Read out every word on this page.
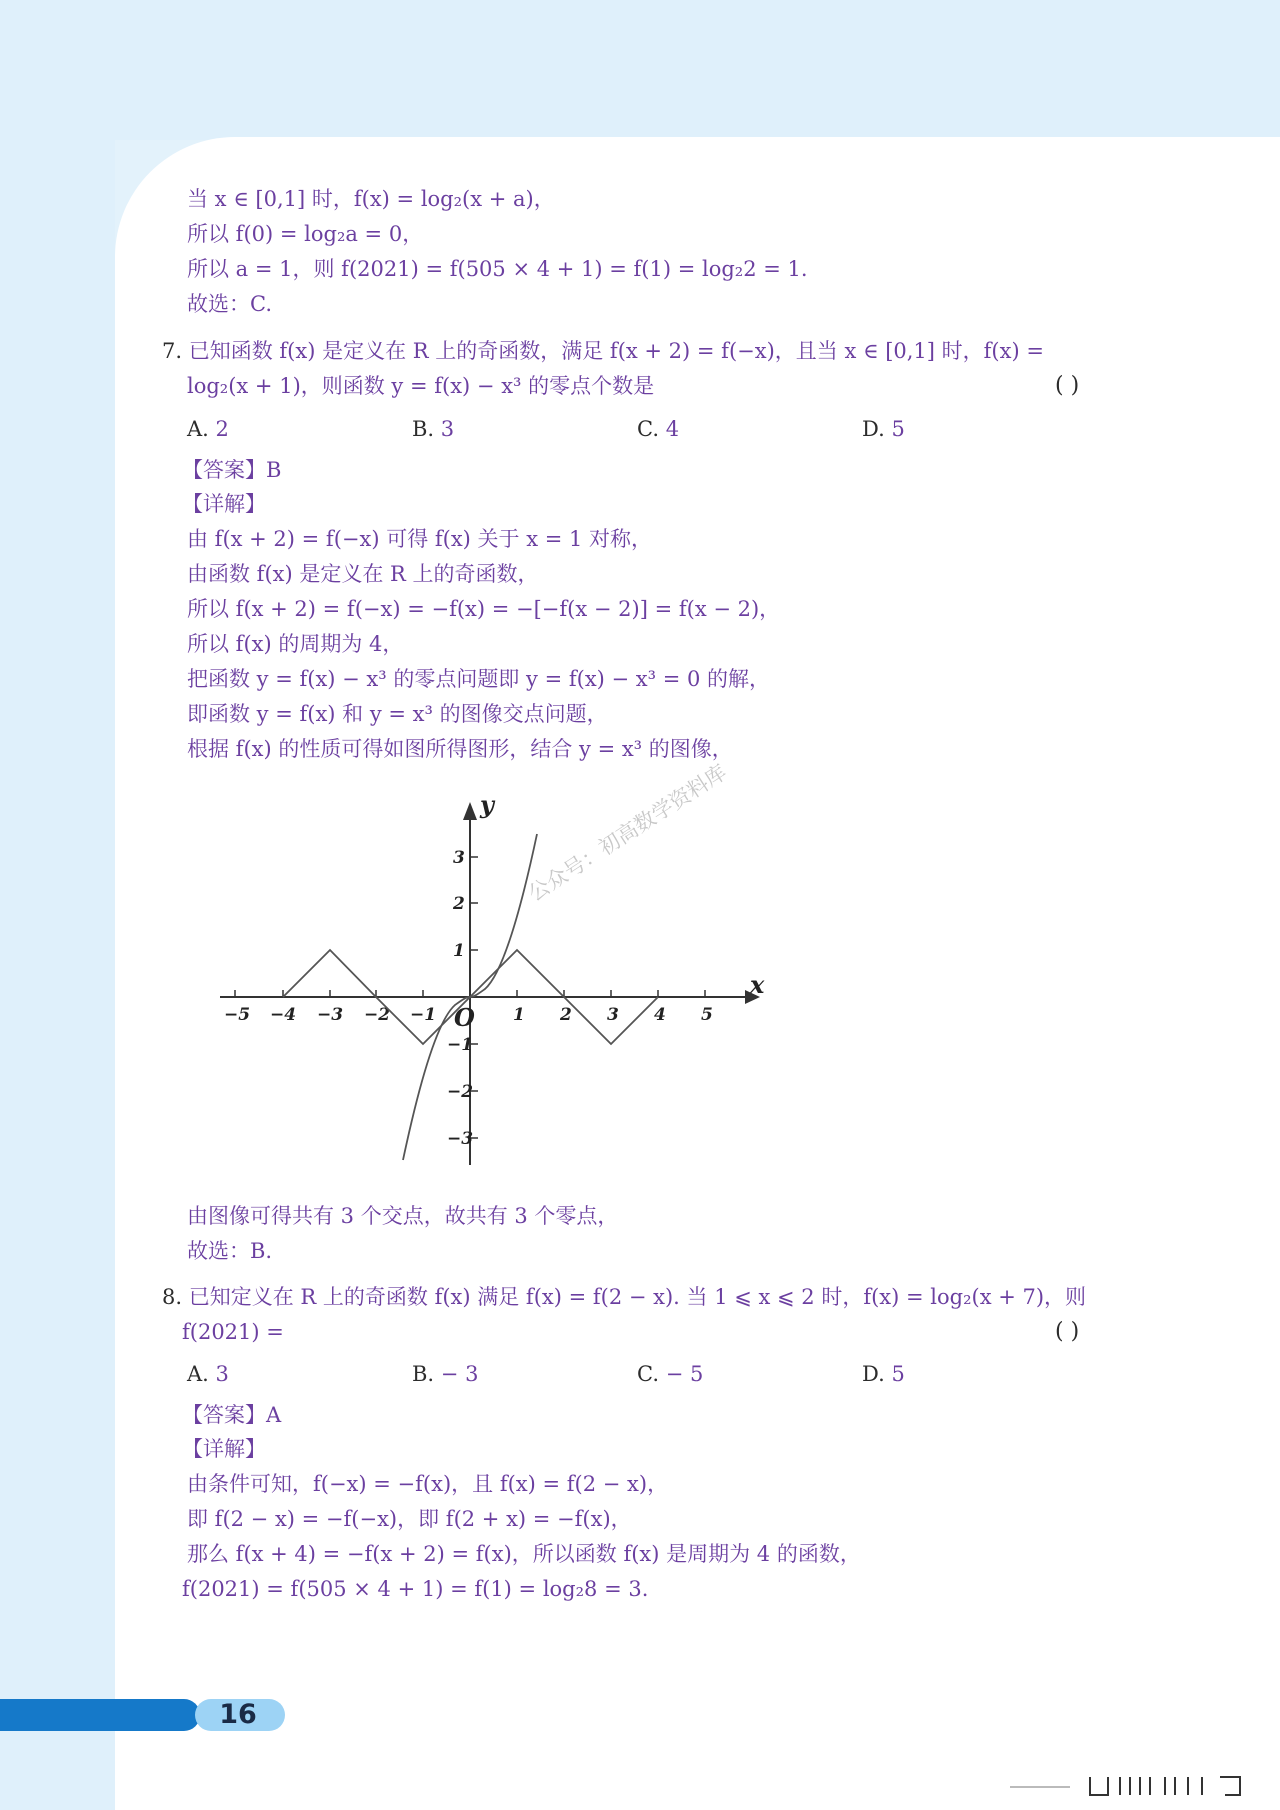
当 x ∈ [0,1] 时，f(x) = log₂(x + a)，
所以 f(0) = log₂a = 0，
所以 a = 1，则 f(2021) = f(505 × 4 + 1) = f(1) = log₂2 = 1.
故选：C.
7. 已知函数 f(x) 是定义在 R 上的奇函数，满足 f(x + 2) = f(−x)，且当 x ∈ [0,1] 时，f(x) =
log₂(x + 1)，则函数 y = f(x) − x³ 的零点个数是	( )
A. 2	B. 3	C. 4	D. 5
【答案】B
【详解】
由 f(x + 2) = f(−x) 可得 f(x) 关于 x = 1 对称，
由函数 f(x) 是定义在 R 上的奇函数，
所以 f(x + 2) = f(−x) = −f(x) = −[−f(x − 2)] = f(x − 2)，
所以 f(x) 的周期为 4，
把函数 y = f(x) − x³ 的零点问题即 y = f(x) − x³ = 0 的解，
即函数 y = f(x) 和 y = x³ 的图像交点问题，
根据 f(x) 的性质可得如图所得图形，结合 y = x³ 的图像，
x
y
O
−5 −4 −3 −2 −1	1 2 3 4 5
3
2
1
−1
−2
−3
公众号：初高数学资料库
由图像可得共有 3 个交点，故共有 3 个零点，
故选：B.
8. 已知定义在 R 上的奇函数 f(x) 满足 f(x) = f(2 − x). 当 1 ⩽ x ⩽ 2 时，f(x) = log₂(x + 7)，则
f(2021) =	( )
A. 3	B. − 3	C. − 5	D. 5
【答案】A
【详解】
由条件可知，f(−x) = −f(x)，且 f(x) = f(2 − x)，
即 f(2 − x) = −f(−x)，即 f(2 + x) = −f(x)，
那么 f(x + 4) = −f(x + 2) = f(x)，所以函数 f(x) 是周期为 4 的函数，
f(2021) = f(505 × 4 + 1) = f(1) = log₂8 = 3.
16
